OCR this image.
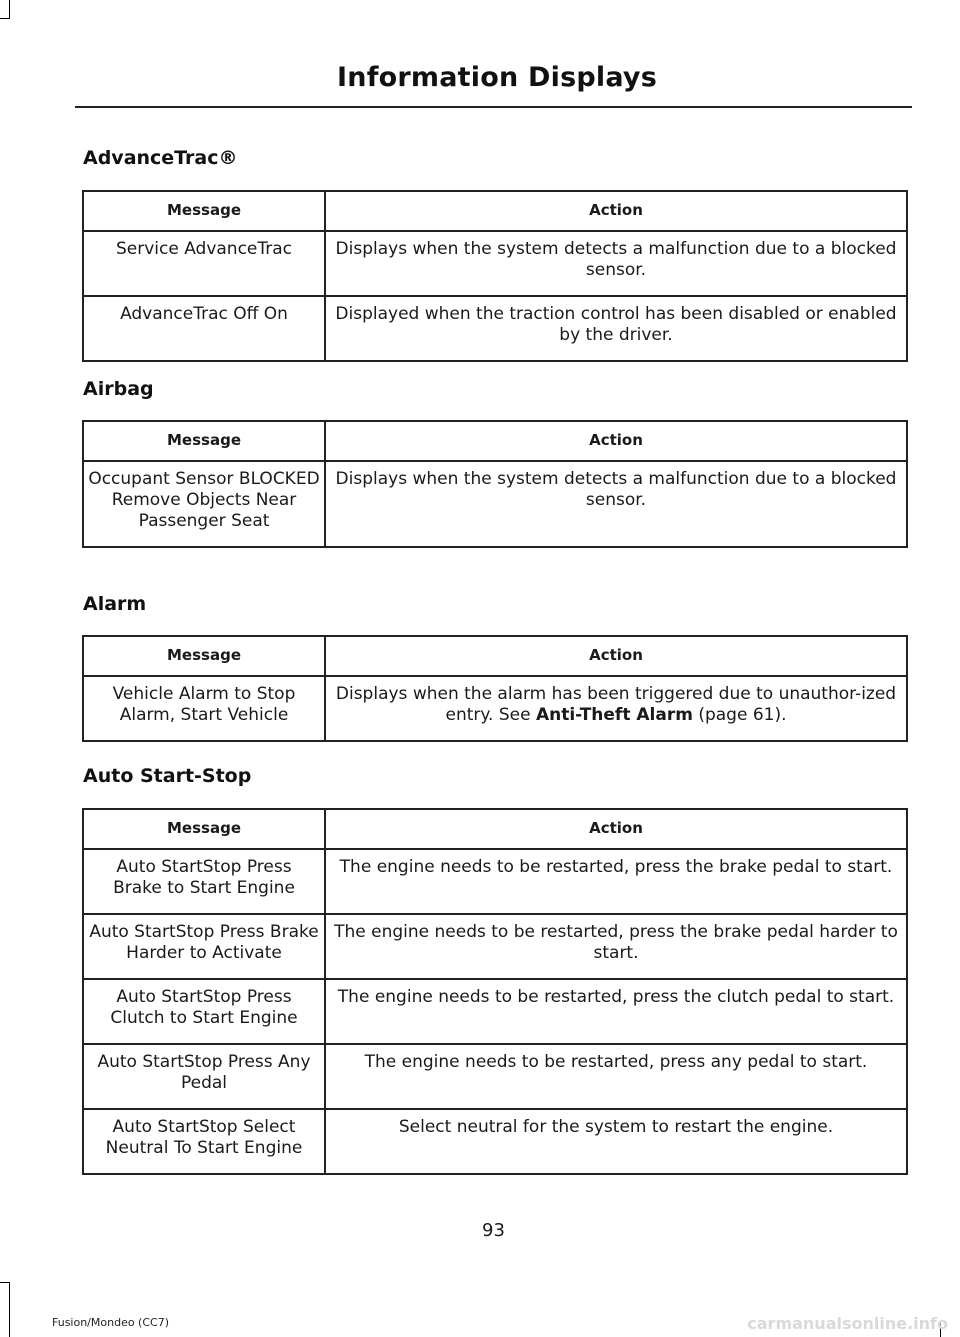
Information Displays
AdvanceTrac®
Message	Action
Service AdvanceTrac	Displays when the system detects a malfunction due to a blocked sensor.
AdvanceTrac Off On	Displayed when the traction control has been disabled or enabled by the driver.
Airbag
Message	Action
Occupant Sensor BLOCKED Remove Objects Near Passenger Seat	Displays when the system detects a malfunction due to a blocked sensor.
Alarm
Message	Action
Vehicle Alarm to Stop Alarm, Start Vehicle	Displays when the alarm has been triggered due to unauthor-ized entry. See Anti-Theft Alarm (page 61).
Auto Start-Stop
Message	Action
Auto StartStop Press Brake to Start Engine	The engine needs to be restarted, press the brake pedal to start.
Auto StartStop Press Brake Harder to Activate	The engine needs to be restarted, press the brake pedal harder to start.
Auto StartStop Press Clutch to Start Engine	The engine needs to be restarted, press the clutch pedal to start.
Auto StartStop Press Any Pedal	The engine needs to be restarted, press any pedal to start.
Auto StartStop Select Neutral To Start Engine	Select neutral for the system to restart the engine.
93
Fusion/Mondeo (CC7)	carmanualsonline.info
